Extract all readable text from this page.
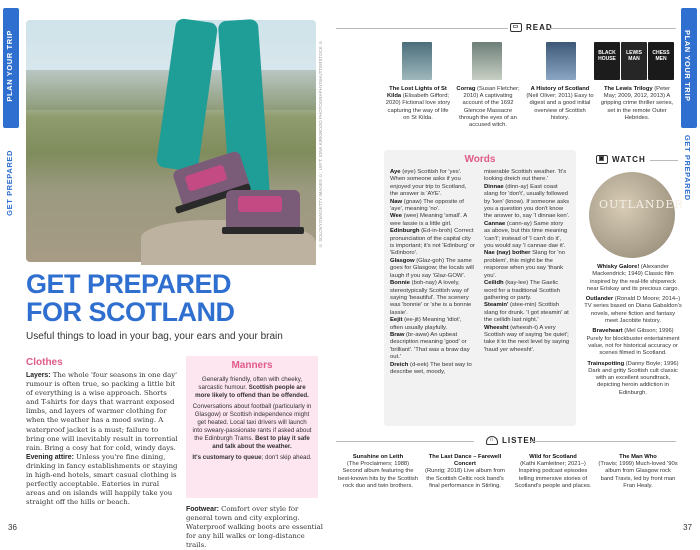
PLAN YOUR TRIP
GET PREPARED
36
PLAN YOUR TRIP
GET PREPARED
37
© SOLOVYOVA/GETTY IMAGES ©; LEFT: IONA KIRKWOOD PHOTOGRAPHY/SHUTTERSTOCK ©
GET PREPARED
FOR SCOTLAND
Useful things to load in your bag, your ears and your brain
Clothes
Layers: The whole 'four seasons in one day' rumour is often true, so packing a little bit of everything is a wise approach. Shorts and T-shirts for days that warrant exposed limbs, and layers of warmer clothing for when the weather has a mood swing. A waterproof jacket is a must; failure to bring one will inevitably result in torrential rain. Bring a cosy hat for cold, windy days.
Evening attire: Unless you're fine dining, drinking in fancy establishments or staying in high-end hotels, smart casual clothing is perfectly acceptable. Eateries in rural areas and on islands will happily take you straight off the hills or beach.
Manners

Generally friendly, often with cheeky, sarcastic humour. Scottish people are more likely to offend than be offended.

Conversations about football (particularly in Glasgow) or Scottish independence might get heated. Local taxi drivers will launch into sweary-passionate rants if asked about the Edinburgh Trams. Best to play it safe and talk about the weather.

It's customary to queue; don't skip ahead.

Footwear: Comfort over style for general town and city exploring. Waterproof walking boots are essential for any hill walks or long-distance trails.
▭ READ
BLACK HOUSE
LEWIS MAN
CHESS MEN
The Lost Lights of St Kilda (Elisabeth Gifford; 2020) Fictional love story capturing the way of life on St Kilda.
Corrag (Susan Fletcher; 2010) A captivating account of the 1692 Glencoe Massacre through the eyes of an accused witch.
A History of Scotland (Neil Oliver; 2011) Easy to digest and a good initial overview of Scottish history.
The Lewis Trilogy (Peter May; 2009, 2012, 2013) A gripping crime thriller series, set in the remote Outer Hebrides.
Words
Aye (eye) Scottish for 'yes'. When someone asks if you enjoyed your trip to Scotland, the answer is 'AYE'.
Naw (gnaw) The opposite of 'aye', meaning 'no'.
Wee (wee) Meaning 'small'. A wee lassie is a little girl.
Edinburgh (Ed-in-broh) Correct pronunciation of the capital city is important; it's not 'Edinburg' or 'Edinboro'.
Glasgow (Glaz-goh) The same goes for Glasgow; the locals will laugh if you say 'Glaz-GOW'.
Bonnie (boh-nay) A lovely, stereotypically Scottish way of saying 'beautiful'. The scenery was 'bonnie' or 'she is a bonnie lassie'.
Eejit (ee-jit) Meaning 'idiot', often usually playfully.
Braw (br-aww) An upbeat description meaning 'good' or 'brilliant'. 'That was a braw day out.'
Dreich (d-eek) The best way to describe wet, moody,
miserable Scottish weather. 'It's looking dreich out there.'
Dinnae (dinn-ay) East coast slang for 'don't', usually followed by 'ken' (know). If someone asks you a question you don't know the answer to, say 'I dinnae ken'.
Cannae (cann-ay) Same story as above, but this time meaning 'can't'; instead of 'I can't do it', you would say 'I cannae dae it'.
Nae (nay) bother Slang for 'no problem', this might be the response when you say 'thank you'.
Ceilidh (kay-lee) The Gaelic word for a traditional Scottish gathering or party.
Steamin' (stee-min) Scottish slang for drunk. 'I got steamin' at the ceilidh last night.'
Wheesht (wheesh-t) A very Scottish way of saying 'be quiet'; take it to the next level by saying 'haud yer wheesht'.
▣ WATCH
OUTLANDER

Whisky Galore! (Alexander Mackendrick; 1949) Classic film inspired by the real-life shipwreck near Eriskay and its precious cargo.

Outlander (Ronald D Moore; 2014–) TV series based on Diana Gabaldon's novels, where fiction and fantasy meet Jacobite history.

Braveheart (Mel Gibson; 1996) Purely for blockbuster entertainment value, not for historical accuracy or scenes filmed in Scotland.

Trainspotting (Danny Boyle; 1996) Dark and gritty Scottish cult classic with an excellent soundtrack, depicting heroin addiction in Edinburgh.

∩ LISTEN
Sunshine on Leith
(The Proclaimers; 1988) Second album featuring the best-known hits by the Scottish rock duo and twin brothers.
The Last Dance – Farewell Concert
(Runrig; 2018) Live album from the Scottish Celtic rock band's final performance in Stirling.
Wild for Scotland
(Kathi Kamleitner; 2021–) Inspiring podcast episodes telling immersive stories of Scotland's people and places.
The Man Who
(Travis; 1999) Much-loved '90s album from Glasgow rock band Travis, led by front man Fran Healy.
